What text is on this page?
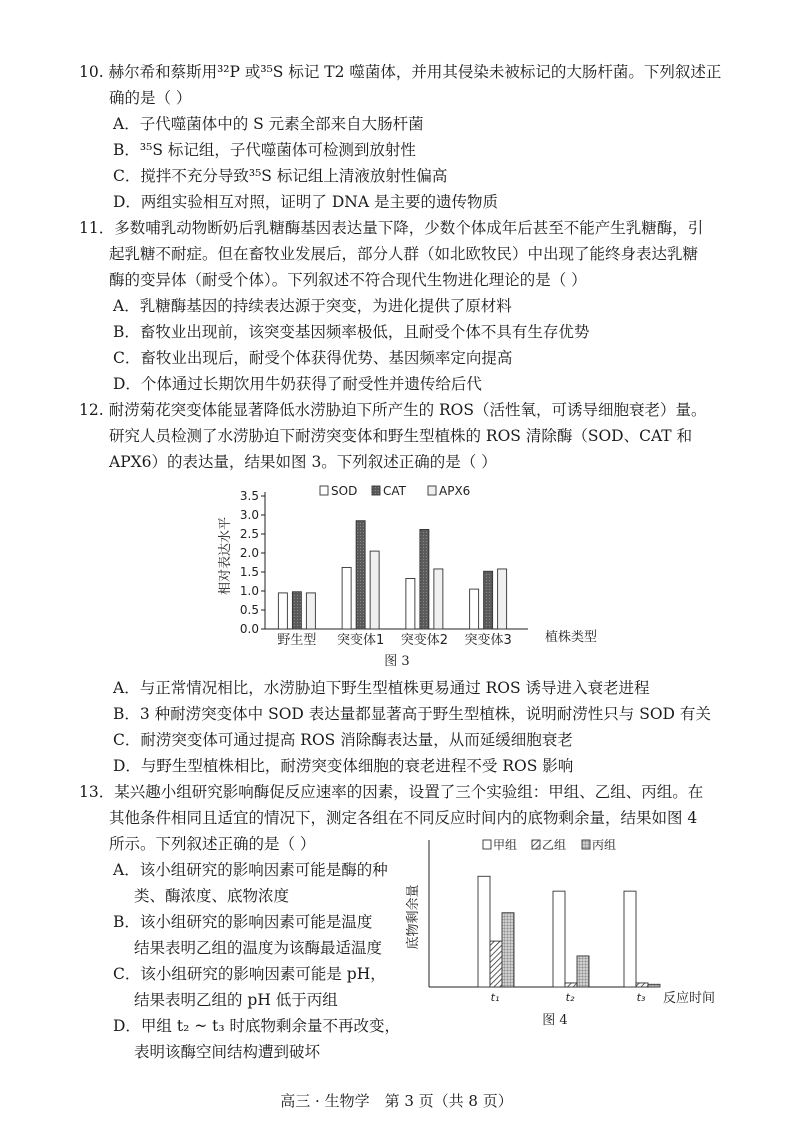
10. 赫尔希和蔡斯用³²P 或³⁵S 标记 T2 噬菌体，并用其侵染未被标记的大肠杆菌。下列叙述正
确的是（ ）
A．子代噬菌体中的 S 元素全部来自大肠杆菌
B．³⁵S 标记组，子代噬菌体可检测到放射性
C．搅拌不充分导致³⁵S 标记组上清液放射性偏高
D．两组实验相互对照，证明了 DNA 是主要的遗传物质
11．多数哺乳动物断奶后乳糖酶基因表达量下降，少数个体成年后甚至不能产生乳糖酶，引
起乳糖不耐症。但在畜牧业发展后，部分人群（如北欧牧民）中出现了能终身表达乳糖
酶的变异体（耐受个体）。下列叙述不符合现代生物进化理论的是（ ）
A．乳糖酶基因的持续表达源于突变，为进化提供了原材料
B．畜牧业出现前，该突变基因频率极低，且耐受个体不具有生存优势
C．畜牧业出现后，耐受个体获得优势、基因频率定向提高
D．个体通过长期饮用牛奶获得了耐受性并遗传给后代
12. 耐涝菊花突变体能显著降低水涝胁迫下所产生的 ROS（活性氧，可诱导细胞衰老）量。
研究人员检测了水涝胁迫下耐涝突变体和野生型植株的 ROS 清除酶（SOD、CAT 和
APX6）的表达量，结果如图 3。下列叙述正确的是（ ）
0.0
0.5
1.0
1.5
2.0
2.5
3.0
3.5
野生型 突变体1 突变体2 突变体3
SOD CAT	APX6
相对表达水平
植株类型
图 3
A．与正常情况相比，水涝胁迫下野生型植株更易通过 ROS 诱导进入衰老进程
B．3 种耐涝突变体中 SOD 表达量都显著高于野生型植株，说明耐涝性只与 SOD 有关
C．耐涝突变体可通过提高 ROS 消除酶表达量，从而延缓细胞衰老
D．与野生型植株相比，耐涝突变体细胞的衰老进程不受 ROS 影响
13．某兴趣小组研究影响酶促反应速率的因素，设置了三个实验组：甲组、乙组、丙组。在
其他条件相同且适宜的情况下，测定各组在不同反应时间内的底物剩余量，结果如图 4
所示。下列叙述正确的是（ ）
A．该小组研究的影响因素可能是酶的种
类、酶浓度、底物浓度
B．该小组研究的影响因素可能是温度
结果表明乙组的温度为该酶最适温度
C．该小组研究的影响因素可能是 pH，
结果表明乙组的 pH 低于丙组
D．甲组 t₂ ~ t₃ 时底物剩余量不再改变，
表明该酶空间结构遭到破坏
t₁	t₂	t₃
甲组 乙组 丙组
底物剩余量
反应时间
图 4
高三 · 生物学　第 3 页（共 8 页）
